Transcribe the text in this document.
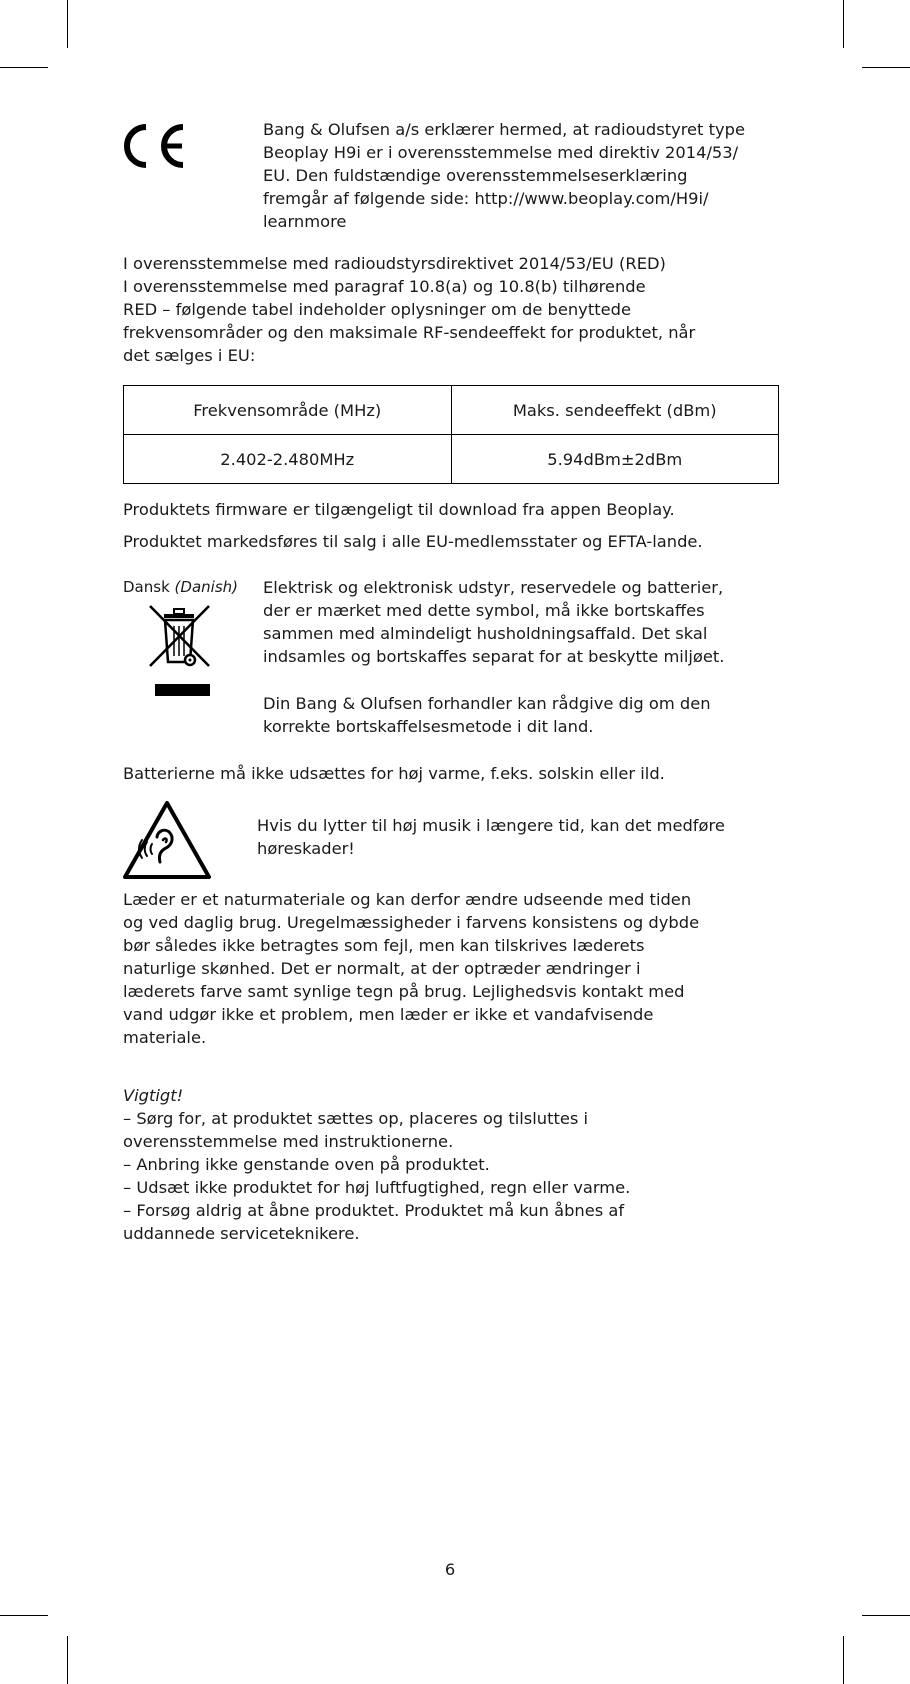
Bang & Olufsen a/s erklærer hermed, at radioudstyret type
Beoplay H9i er i overensstemmelse med direktiv 2014/53/
EU. Den fuldstændige overensstemmelseserklæring
fremgår af følgende side: http://www.beoplay.com/H9i/
learnmore
I overensstemmelse med radioudstyrsdirektivet 2014/53/EU (RED)
I overensstemmelse med paragraf 10.8(a) og 10.8(b) tilhørende
RED – følgende tabel indeholder oplysninger om de benyttede
frekvensområder og den maksimale RF-sendeeffekt for produktet, når
det sælges i EU:
Frekvensområde (MHz)	Maks. sendeeffekt (dBm)
2.402-2.480MHz	5.94dBm±2dBm
Produktets firmware er tilgængeligt til download fra appen Beoplay.
Produktet markedsføres til salg i alle EU-medlemsstater og EFTA-lande.
Dansk (Danish) Elektrisk og elektronisk udstyr, reservedele og batterier,
der er mærket med dette symbol, må ikke bortskaffes
sammen med almindeligt husholdningsaffald. Det skal
indsamles og bortskaffes separat for at beskytte miljøet.
Din Bang & Olufsen forhandler kan rådgive dig om den
korrekte bortskaffelsesmetode i dit land.
Batterierne må ikke udsættes for høj varme, f.eks. solskin eller ild.
Hvis du lytter til høj musik i længere tid, kan det medføre
høreskader!
Læder er et naturmateriale og kan derfor ændre udseende med tiden
og ved daglig brug. Uregelmæssigheder i farvens konsistens og dybde
bør således ikke betragtes som fejl, men kan tilskrives læderets
naturlige skønhed. Det er normalt, at der optræder ændringer i
læderets farve samt synlige tegn på brug. Lejlighedsvis kontakt med
vand udgør ikke et problem, men læder er ikke et vandafvisende
materiale.
Vigtigt!
– Sørg for, at produktet sættes op, placeres og tilsluttes i
overensstemmelse med instruktionerne.
– Anbring ikke genstande oven på produktet.
– Udsæt ikke produktet for høj luftfugtighed, regn eller varme.
– Forsøg aldrig at åbne produktet. Produktet må kun åbnes af
uddannede serviceteknikere.
6
